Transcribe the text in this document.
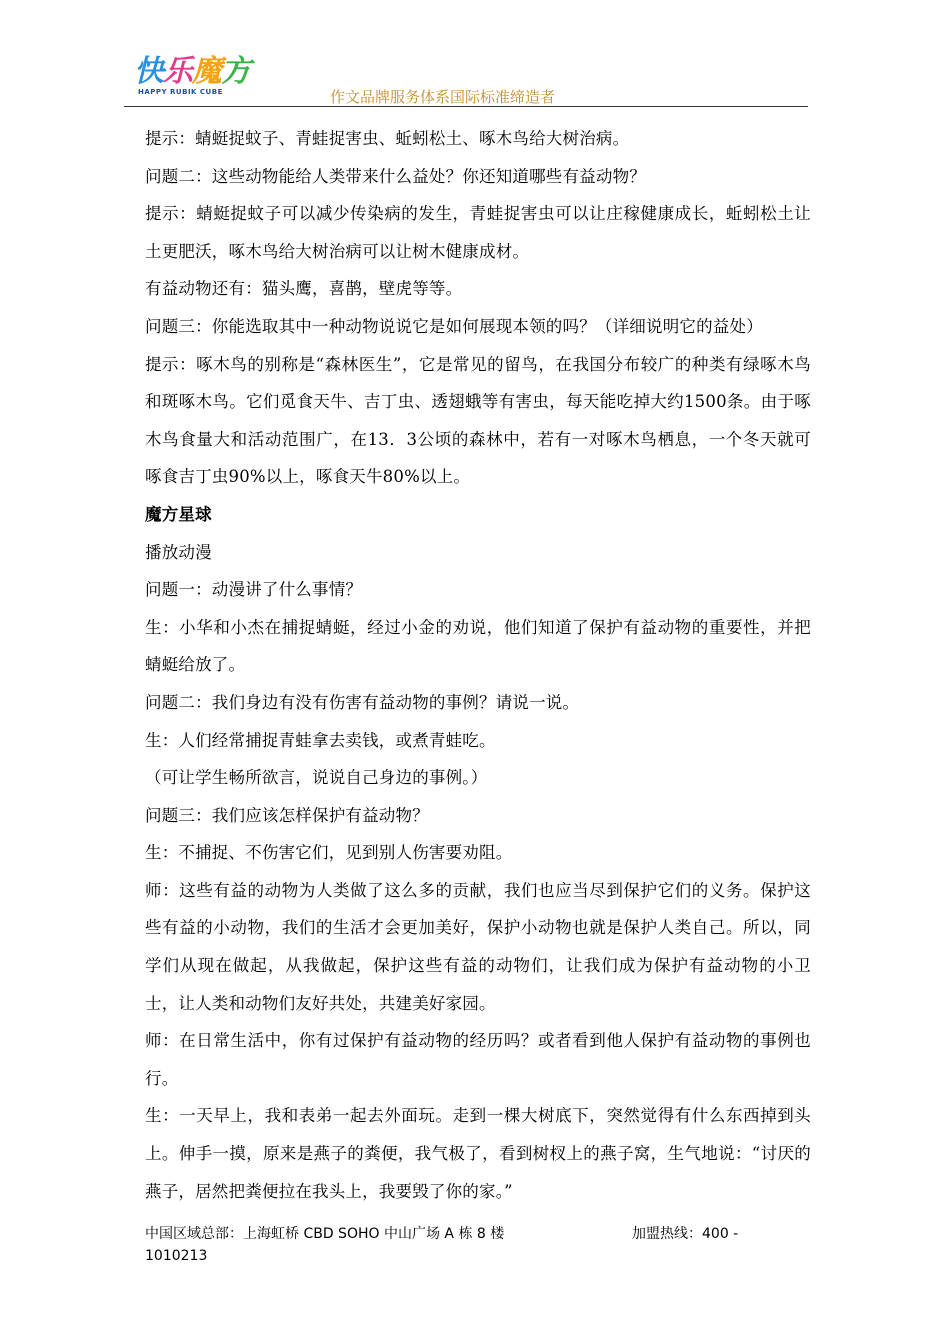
快乐魔方
HAPPY RUBIK CUBE	作文品牌服务体系国际标准缔造者

提示：蜻蜓捉蚊子、青蛙捉害虫、蚯蚓松土、啄木鸟给大树治病。

问题二：这些动物能给人类带来什么益处？你还知道哪些有益动物？

提示：蜻蜓捉蚊子可以减少传染病的发生，青蛙捉害虫可以让庄稼健康成长，蚯蚓松土让土更肥沃，啄木鸟给大树治病可以让树木健康成材。

有益动物还有：猫头鹰，喜鹊，壁虎等等。

问题三：你能选取其中一种动物说说它是如何展现本领的吗？（详细说明它的益处）

提示：啄木鸟的别称是“森林医生”，它是常见的留鸟，在我国分布较广的种类有绿啄木鸟和斑啄木鸟。它们觅食天牛、吉丁虫、透翅蛾等有害虫，每天能吃掉大约1500条。由于啄木鸟食量大和活动范围广，在13．3公顷的森林中，若有一对啄木鸟栖息，一个冬天就可啄食吉丁虫90%以上，啄食天牛80%以上。

魔方星球

播放动漫

问题一：动漫讲了什么事情？

生：小华和小杰在捕捉蜻蜓，经过小金的劝说，他们知道了保护有益动物的重要性，并把蜻蜓给放了。

问题二：我们身边有没有伤害有益动物的事例？请说一说。

生：人们经常捕捉青蛙拿去卖钱，或煮青蛙吃。

（可让学生畅所欲言，说说自己身边的事例。）

问题三：我们应该怎样保护有益动物？

生：不捕捉、不伤害它们，见到别人伤害要劝阻。

师：这些有益的动物为人类做了这么多的贡献，我们也应当尽到保护它们的义务。保护这些有益的小动物，我们的生活才会更加美好，保护小动物也就是保护人类自己。所以，同学们从现在做起，从我做起，保护这些有益的动物们，让我们成为保护有益动物的小卫士，让人类和动物们友好共处，共建美好家园。

师：在日常生活中，你有过保护有益动物的经历吗？或者看到他人保护有益动物的事例也行。

生：一天早上，我和表弟一起去外面玩。走到一棵大树底下，突然觉得有什么东西掉到头上。伸手一摸，原来是燕子的粪便，我气极了，看到树杈上的燕子窝，生气地说：“讨厌的燕子，居然把粪便拉在我头上，我要毁了你的家。”

中国区域总部：上海虹桥 CBD SOHO 中山广场 A 栋 8 楼	加盟热线：400 -
1010213
